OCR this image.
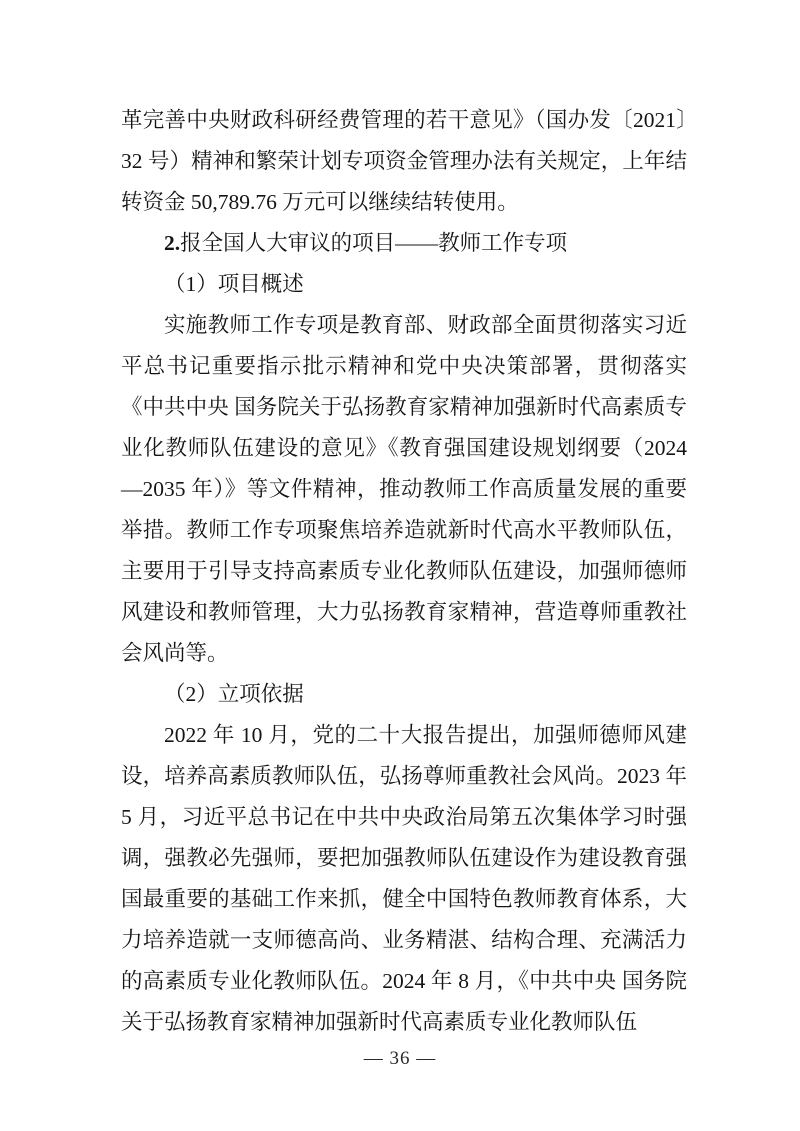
革完善中央财政科研经费管理的若干意见》（国办发〔2021〕32 号）精神和繁荣计划专项资金管理办法有关规定，上年结转资金 50,789.76 万元可以继续结转使用。

2.报全国人大审议的项目——教师工作专项

（1）项目概述

实施教师工作专项是教育部、财政部全面贯彻落实习近平总书记重要指示批示精神和党中央决策部署，贯彻落实《中共中央 国务院关于弘扬教育家精神加强新时代高素质专业化教师队伍建设的意见》《教育强国建设规划纲要（2024—2035 年）》等文件精神，推动教师工作高质量发展的重要举措。教师工作专项聚焦培养造就新时代高水平教师队伍，主要用于引导支持高素质专业化教师队伍建设，加强师德师风建设和教师管理，大力弘扬教育家精神，营造尊师重教社会风尚等。

（2）立项依据

2022 年 10 月，党的二十大报告提出，加强师德师风建设，培养高素质教师队伍，弘扬尊师重教社会风尚。2023 年 5 月，习近平总书记在中共中央政治局第五次集体学习时强调，强教必先强师，要把加强教师队伍建设作为建设教育强国最重要的基础工作来抓，健全中国特色教师教育体系，大力培养造就一支师德高尚、业务精湛、结构合理、充满活力的高素质专业化教师队伍。2024 年 8 月，《中共中央 国务院关于弘扬教育家精神加强新时代高素质专业化教师队伍

— 36 —
